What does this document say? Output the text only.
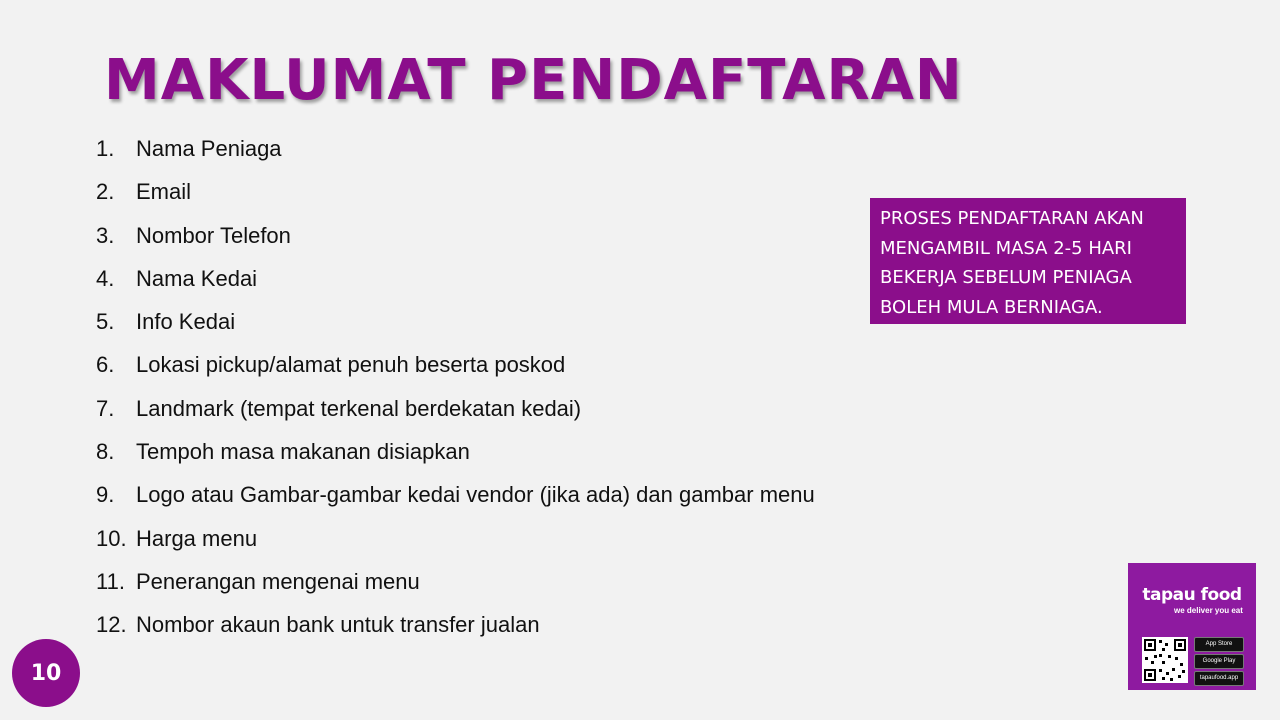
MAKLUMAT PENDAFTARAN
1. Nama Peniaga
2. Email
3. Nombor Telefon
4. Nama Kedai
5. Info Kedai
6. Lokasi pickup/alamat penuh beserta poskod
7. Landmark (tempat terkenal berdekatan kedai)
8. Tempoh masa makanan disiapkan
9. Logo atau Gambar-gambar kedai vendor (jika ada) dan gambar menu
10. Harga menu
11. Penerangan mengenai menu
12. Nombor akaun bank untuk transfer jualan
PROSES PENDAFTARAN AKAN
MENGAMBIL MASA 2-5 HARI
BEKERJA SEBELUM PENIAGA
BOLEH MULA BERNIAGA.
10
tapau food
we deliver you eat
App Store
Google Play
tapaufood.app
